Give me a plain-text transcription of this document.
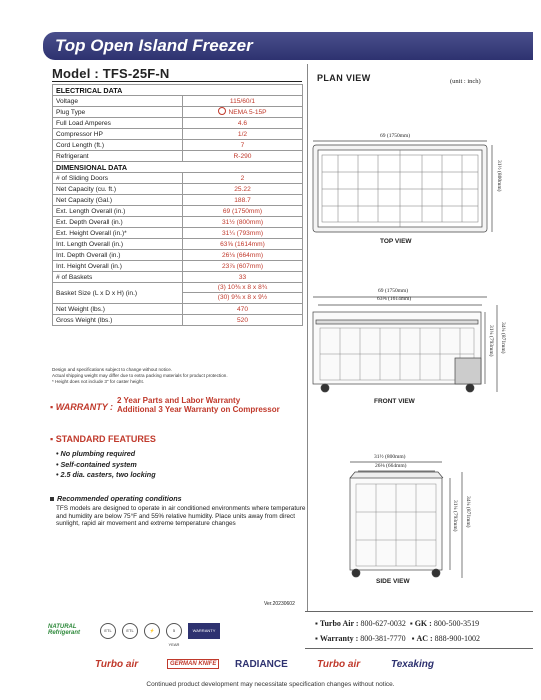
Top Open Island Freezer
Model : TFS-25F-N
ELECTRICAL DATA	
Voltage	115/60/1
Plug Type	NEMA 5-15P
Full Load Amperes	4.6
Compressor HP	1/2
Cord Length (ft.)	7
Refrigerant	R-290
DIMENSIONAL DATA	
# of Sliding Doors	2
Net Capacity (cu. ft.)	25.22
Net Capacity (Gal.)	188.7
Ext. Length Overall (in.)	69 (1750mm)
Ext. Depth Overall (in.)	31½ (800mm)
Ext. Height Overall (in.)*	31¼ (793mm)
Int. Length Overall (in.)	63⅝ (1614mm)
Int. Depth Overall (in.)	26⅛ (664mm)
Int. Height Overall (in.)	23⅞ (607mm)
# of Baskets	33
Basket Size (L x D x H) (in.)	(3) 10⅜ x 8 x 8¾
(30) 9⅜ x 8 x 9½

Net Weight (lbs.)	470
Gross Weight (lbs.)	520
Design and specifications subject to change without notice.
Actual shipping weight may differ due to extra packing materials for product protection.
* Height does not include 3" for caster height.
▪ WARRANTY :
2 Year Parts and Labor Warranty
Additional 3 Year Warranty on Compressor
▪ STANDARD FEATURES
• No plumbing required
• Self-contained system
• 2.5 dia. casters, two locking
Recommended operating conditions
TFS models are designed to operate in air conditioned environments where temperature and humidity are below 75°F and 55% relative humidity. Place units away from direct sunlight, rapid air movement and extreme temperature changes
Ver.20230602
PLAN VIEW	(unit : inch)
69 (1750mm)
31½ (800mm)
TOP VIEW
69 (1750mm)
63⅝ (1614mm)
31¼ (793mm) 34¼ (871mm)
FRONT VIEW
31½ (800mm)
26⅛ (664mm)
31¼ (793mm) 34¼ (871mm)
SIDE VIEW
▪ Turbo Air : 800-627-0032  ▪ GK : 800-500-3519
▪ Warranty : 800-381-7770   ▪ AC : 888-900-1002
NATURAL
Refrigerant	ETL	ETL	⚡	5 YEAR
WARRANTY
Turbo air	GERMAN KNIFE	RADIANCE	Turbo air	Texaking
Continued product development may necessitate specification changes without notice.
